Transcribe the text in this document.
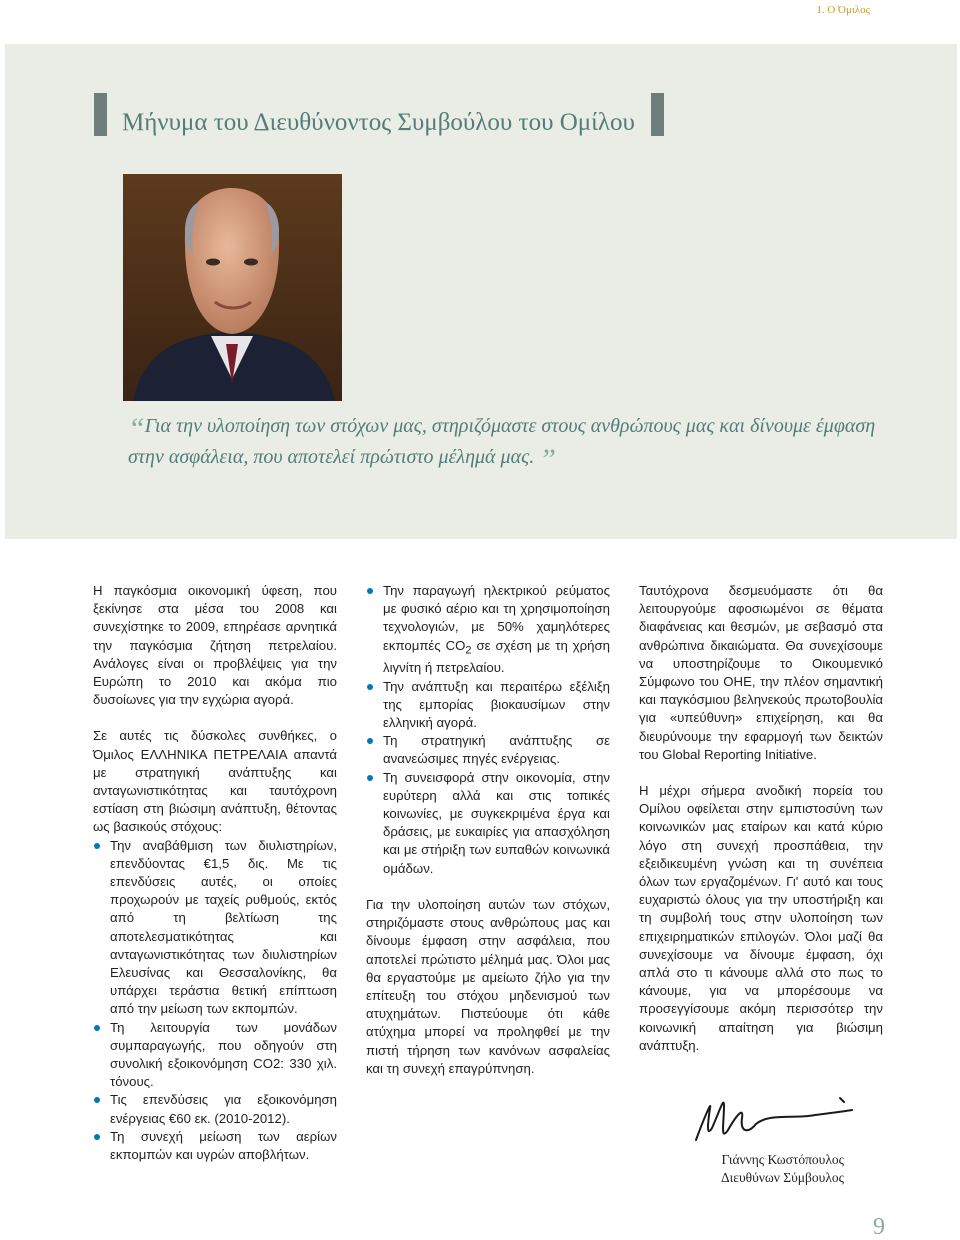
1. Ο Όμιλος
Μήνυμα του Διευθύνοντος Συμβούλου του Ομίλου
“Για την υλοποίηση των στόχων μας, στηριζόμαστε στους ανθρώπους μας και δίνουμε έμφαση στην ασφάλεια, που αποτελεί πρώτιστο μέλημά μας. ”

Η παγκόσμια οικονομική ύφεση, που ξεκίνησε στα μέσα του 2008 και συνεχίστηκε το 2009, επηρέασε αρνητικά την παγκόσμια ζήτηση πετρελαίου. Ανάλογες είναι οι προβλέψεις για την Ευρώπη το 2010 και ακόμα πιο δυσοίωνες για την εγχώρια αγορά.

Σε αυτές τις δύσκολες συνθήκες, ο Όμιλος ΕΛΛΗΝΙΚΑ ΠΕΤΡΕΛΑΙΑ απαντά με στρατηγική ανάπτυξης και ανταγωνιστικότητας και ταυτόχρονη εστίαση στη βιώσιμη ανάπτυξη, θέτοντας ως βασικούς στόχους:

Την αναβάθμιση των διυλιστηρίων, επενδύοντας €1,5 δις. Με τις επενδύσεις αυτές, οι οποίες προχωρούν με ταχείς ρυθμούς, εκτός από τη βελτίωση της αποτελεσματικότητας και ανταγωνιστικότητας των διυλιστηρίων Ελευσίνας και Θεσσαλονίκης, θα υπάρχει τεράστια θετική επίπτωση από την μείωση των εκπομπών.
Τη λειτουργία των μονάδων συμπαραγωγής, που οδηγούν στη συνολική εξοικονόμηση CO2: 330 χιλ. τόνους.
Τις επενδύσεις για εξοικονόμηση ενέργειας €60 εκ. (2010-2012).
Τη συνεχή μείωση των αερίων εκπομπών και υγρών αποβλήτων.
Την παραγωγή ηλεκτρικού ρεύματος με φυσικό αέριο και τη χρησιμοποίηση τεχνολογιών, με 50% χαμηλότερες εκπομπές $CO_2$ σε σχέση με τη χρήση λιγνίτη ή πετρελαίου.
Την ανάπτυξη και περαιτέρω εξέλιξη της εμπορίας βιοκαυσίμων στην ελληνική αγορά.
Τη στρατηγική ανάπτυξης σε ανανεώσιμες πηγές ενέργειας.
Τη συνεισφορά στην οικονομία, στην ευρύτερη αλλά και στις τοπικές κοινωνίες, με συγκεκριμένα έργα και δράσεις, με ευκαιρίες για απασχόληση και με στήριξη των ευπαθών κοινωνικά ομάδων.

Για την υλοποίηση αυτών των στόχων, στηριζόμαστε στους ανθρώπους μας και δίνουμε έμφαση στην ασφάλεια, που αποτελεί πρώτιστο μέλημά μας. Όλοι μας θα εργαστούμε με αμείωτο ζήλο για την επίτευξη του στόχου μηδενισμού των ατυχημάτων. Πιστεύουμε ότι κάθε ατύχημα μπορεί να προληφθεί με την πιστή τήρηση των κανόνων ασφαλείας και τη συνεχή επαγρύπνηση.

Ταυτόχρονα δεσμευόμαστε ότι θα λειτουργούμε αφοσιωμένοι σε θέματα διαφάνειας και θεσμών, με σεβασμό στα ανθρώπινα δικαιώματα. Θα συνεχίσουμε να υποστηρίζουμε το Οικουμενικό Σύμφωνο του ΟΗΕ, την πλέον σημαντική και παγκόσμιου βεληνεκούς πρωτοβουλία για «υπεύθυνη» επιχείρηση, και θα διευρύνουμε την εφαρμογή των δεικτών του Global Reporting Initiative.

Η μέχρι σήμερα ανοδική πορεία του Ομίλου οφείλεται στην εμπιστοσύνη των κοινωνικών μας εταίρων και κατά κύριο λόγο στη συνεχή προσπάθεια, την εξειδικευμένη γνώση και τη συνέπεια όλων των εργαζομένων. Γι' αυτό και τους ευχαριστώ όλους για την υποστήριξη και τη συμβολή τους στην υλοποίηση των επιχειρηματικών επιλογών. Όλοι μαζί θα συνεχίσουμε να δίνουμε έμφαση, όχι απλά στο τι κάνουμε αλλά στο πως το κάνουμε, για να μπορέσουμε να προσεγγίσουμε ακόμη περισσότερ την κοινωνική απαίτηση για βιώσιμη ανάπτυξη.

Γιάννης Κωστόπουλος
Διευθύνων Σύμβουλος
9
